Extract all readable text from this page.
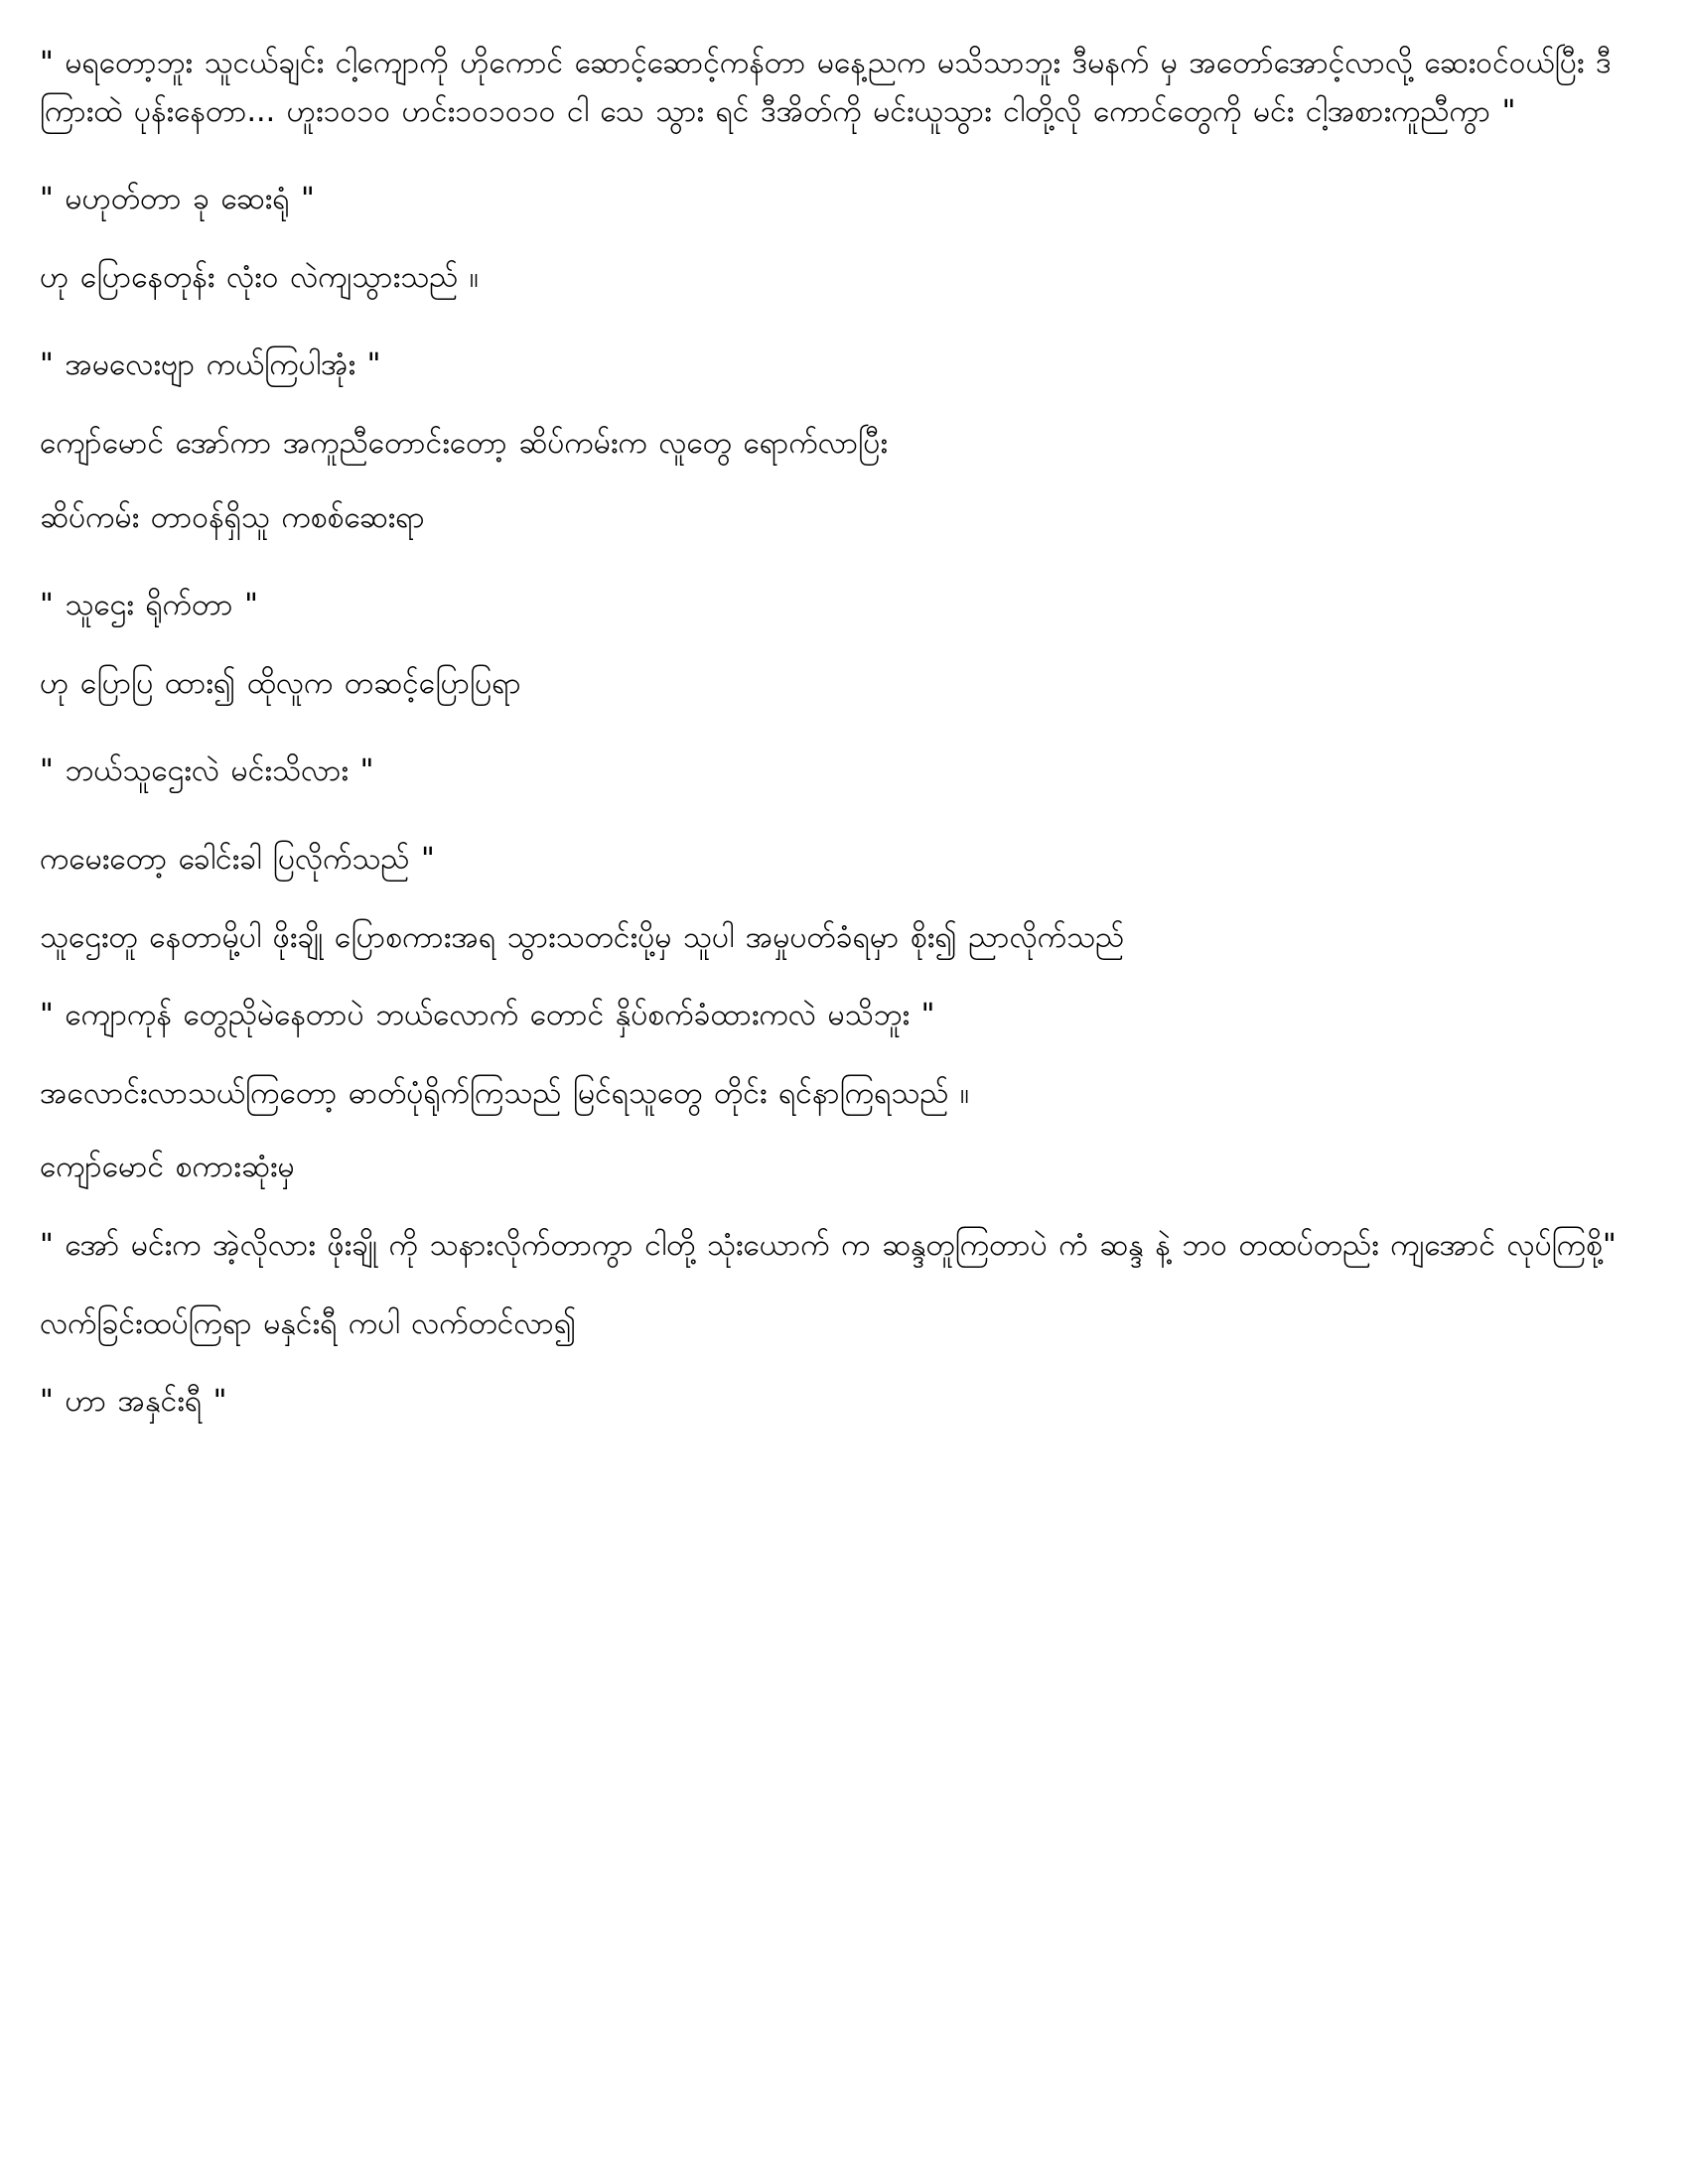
" မရတော့ဘူး သူငယ်ချင်း ငါ့ကျောကို ဟိုကောင် ဆောင့်ဆောင့်ကန်တာ မနေ့ညက မသိသာဘူး ဒီမနက် မှ အတော်အောင့်လာလို့ ဆေးဝင်ဝယ်ပြီး ဒီကြားထဲ ပုန်းနေတာ... ဟူး၁၀၁၀ ဟင်း၁၀၁၀၁၀ ငါ သေ သွား ရင် ဒီအိတ်ကို မင်းယူသွား ငါတို့လို ကောင်တွေကို မင်း ငါ့အစားကူညီကွာ "

" မဟုတ်တာ ခု ဆေးရုံ "

ဟု ပြောနေတုန်း လုံးဝ လဲကျသွားသည် ။

" အမလေးဗျာ ကယ်ကြပါအုံး "

ကျော်မောင် အော်ကာ အကူညီတောင်းတော့ ဆိပ်ကမ်းက လူတွေ ရောက်လာပြီး

ဆိပ်ကမ်း တာဝန်ရှိသူ ကစစ်ဆေးရာ

" သူဌေး ရိုက်တာ "

ဟု ပြောပြ ထား၍ ထိုလူက တဆင့်ပြောပြရာ

" ဘယ်သူဌေးလဲ မင်းသိလား "

ကမေးတော့ ခေါင်းခါ ပြလိုက်သည် "

သူဌေးတူ နေတာမို့ပါ ဖိုးချို ပြောစကားအရ သွားသတင်းပို့မှ သူပါ အမှုပတ်ခံရမှာ စိုး၍ ညာလိုက်သည်

" ကျောကုန် တွေညိုမဲနေတာပဲ ဘယ်လောက် တောင် နှိပ်စက်ခံထားကလဲ မသိဘူး "

အလောင်းလာသယ်ကြတော့ ဓာတ်ပုံရိုက်ကြသည် မြင်ရသူတွေ တိုင်း ရင်နာကြရသည် ။

ကျော်မောင် စကားဆုံးမှ

" အော် မင်းက အဲ့လိုလား ဖိုးချို ကို သနားလိုက်တာကွာ ငါတို့ သုံးယောက် က ဆန္ဒတူကြတာပဲ ကံ ဆန္ဒ နဲ့ ဘဝ တထပ်တည်း ကျအောင် လုပ်ကြစို့"

လက်ခြင်းထပ်ကြရာ မနှင်းရီ ကပါ လက်တင်လာ၍

" ဟာ အနှင်းရီ "
